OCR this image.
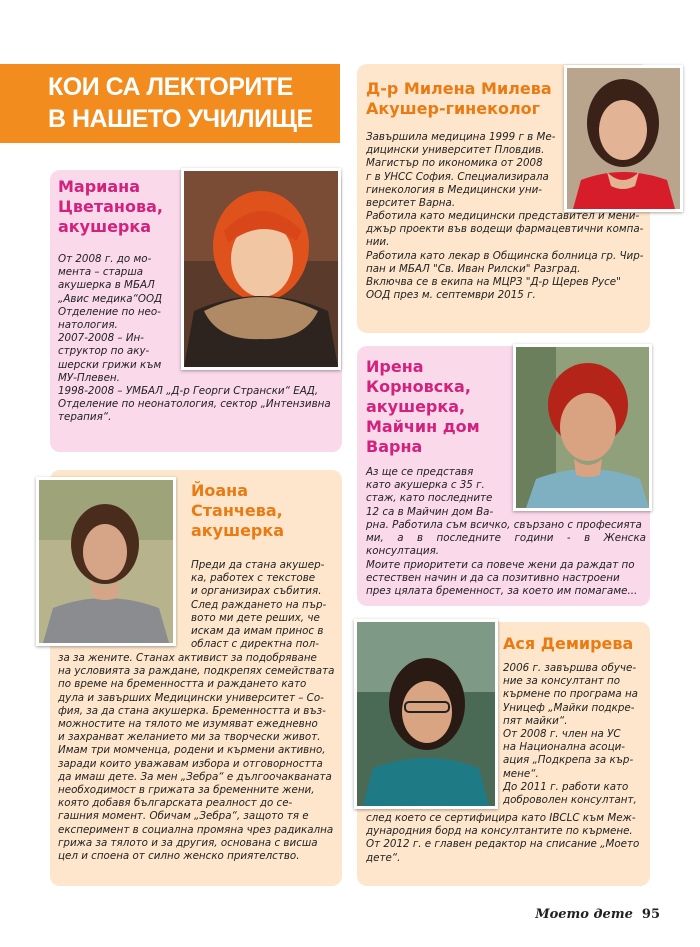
КОИ СА ЛЕКТОРИТЕ
В НАШЕТО УЧИЛИЩЕ
Мариана
Цветанова,
акушерка

От 2008 г. до мо-

мента – старша

акушерка в МБАЛ

„Авис медика“ООД

Отделение по нео-

натология.

2007-2008 – Ин-

структор по аку-

шерски грижи към

МУ-Плевен.

1998-2008 – УМБАЛ „Д-р Георги Странски“ ЕАД,

Отделение по неонатология, сектор „Интензивна

терапия“.

Д-р Милена Милева
Акушер-гинеколог

Завършила медицина 1999 г в Ме-

дицински университет Пловдив.

Магистър по икономика от 2008

г в УНСС София. Специализирала

гинекология в Медицински уни-

верситет Варна.

Работила като медицински представител и мени-

джър проекти във водещи фармацевтични компа-

нии.

Работила като лекар в Общинска болница гр. Чир-

пан и МБАЛ "Св. Иван Рилски" Разград.

Включва се в екипа на МЦРЗ "Д-р Щерев Русе"

ООД през м. септември 2015 г.

Ирена
Корновска,
акушерка,
Майчин дом
Варна

Аз ще се представя

като акушерка с 35 г.

стаж, като последните

12 са в Майчин дом Ва-

рна. Работила съм всичко, свързано с професията

ми, а в последните години - в Женска консултация.

Моите приоритети са повече жени да раждат по

естествен начин и да са позитивно настроени

през цялата бременност, за което им помагаме...

Йоана
Станчева,
акушерка

Преди да стана акушер-

ка, работех с текстове

и организирах събития.

След раждането на пър-

вото ми дете реших, че

искам да имам принос в

област с директна пол-

за за жените. Станах активист за подобряване

на условията за раждане, подкрепях семействата

по време на бременността и раждането като

дула и завърших Медицински университет – Со-

фия, за да стана акушерка. Бременността и въз-

можностите на тялото ме изумяват ежедневно

и захранват желанието ми за творчески живот.

Имам три момченца, родени и кърмени активно,

заради които уважавам избора и отговорността

да имаш дете. За мен „Зебра“ е дългоочакваната

необходимост в грижата за бременните жени,

която добавя българската реалност до се-

гашния момент. Обичам „Зебра“, защото тя е

експеримент в социална промяна чрез радикална

грижа за тялото и за другия, основана с висша

цел и споена от силно женско приятелство.

Ася Демирева

2006 г. завършва обуче-

ние за консултант по

кърмене по програма на

Уницеф „Майки подкре-

пят майки“.

От 2008 г. член на УС

на Национална асоци-

ация „Подкрепа за кър-

мене“.

До 2011 г. работи като

доброволен консултант,

след което се сертифицира като IBCLC към Меж-

дународния борд на консултантите по кърмене.

От 2012 г. е главен редактор на списание „Моето

дете“.

Моето дете 95
